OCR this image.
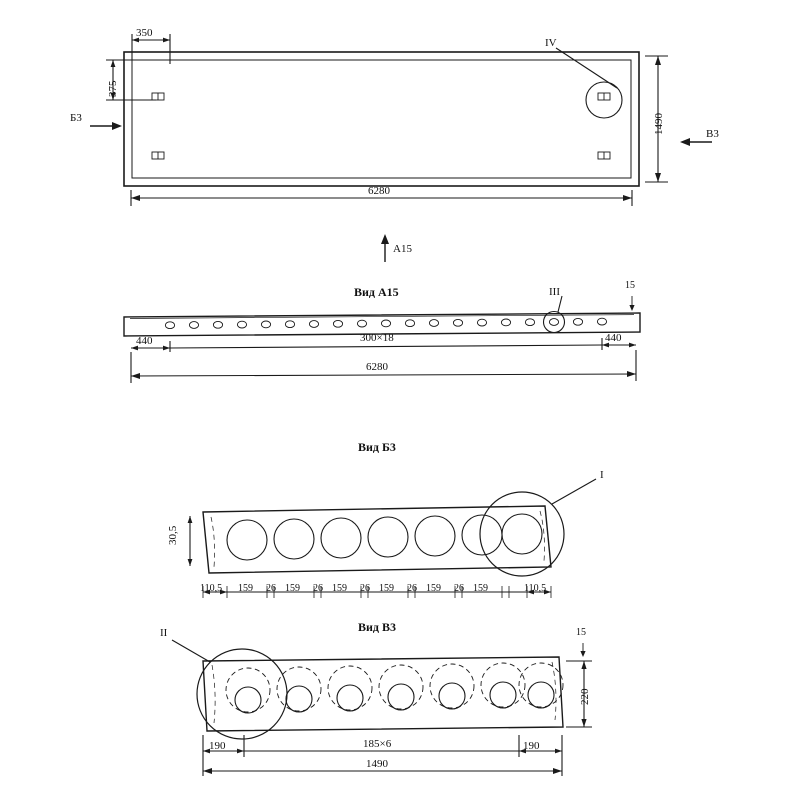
350
375
6280
1490
IV
Б3
В3
А15
Вид А15	III
15
440	300×18	440
6280
Вид Б3
I
30,5
110,5 159 26 159 26 159 26 159 26 159 26 159	110,5
Вид В3
II	15
220
190	185×6	190
1490
